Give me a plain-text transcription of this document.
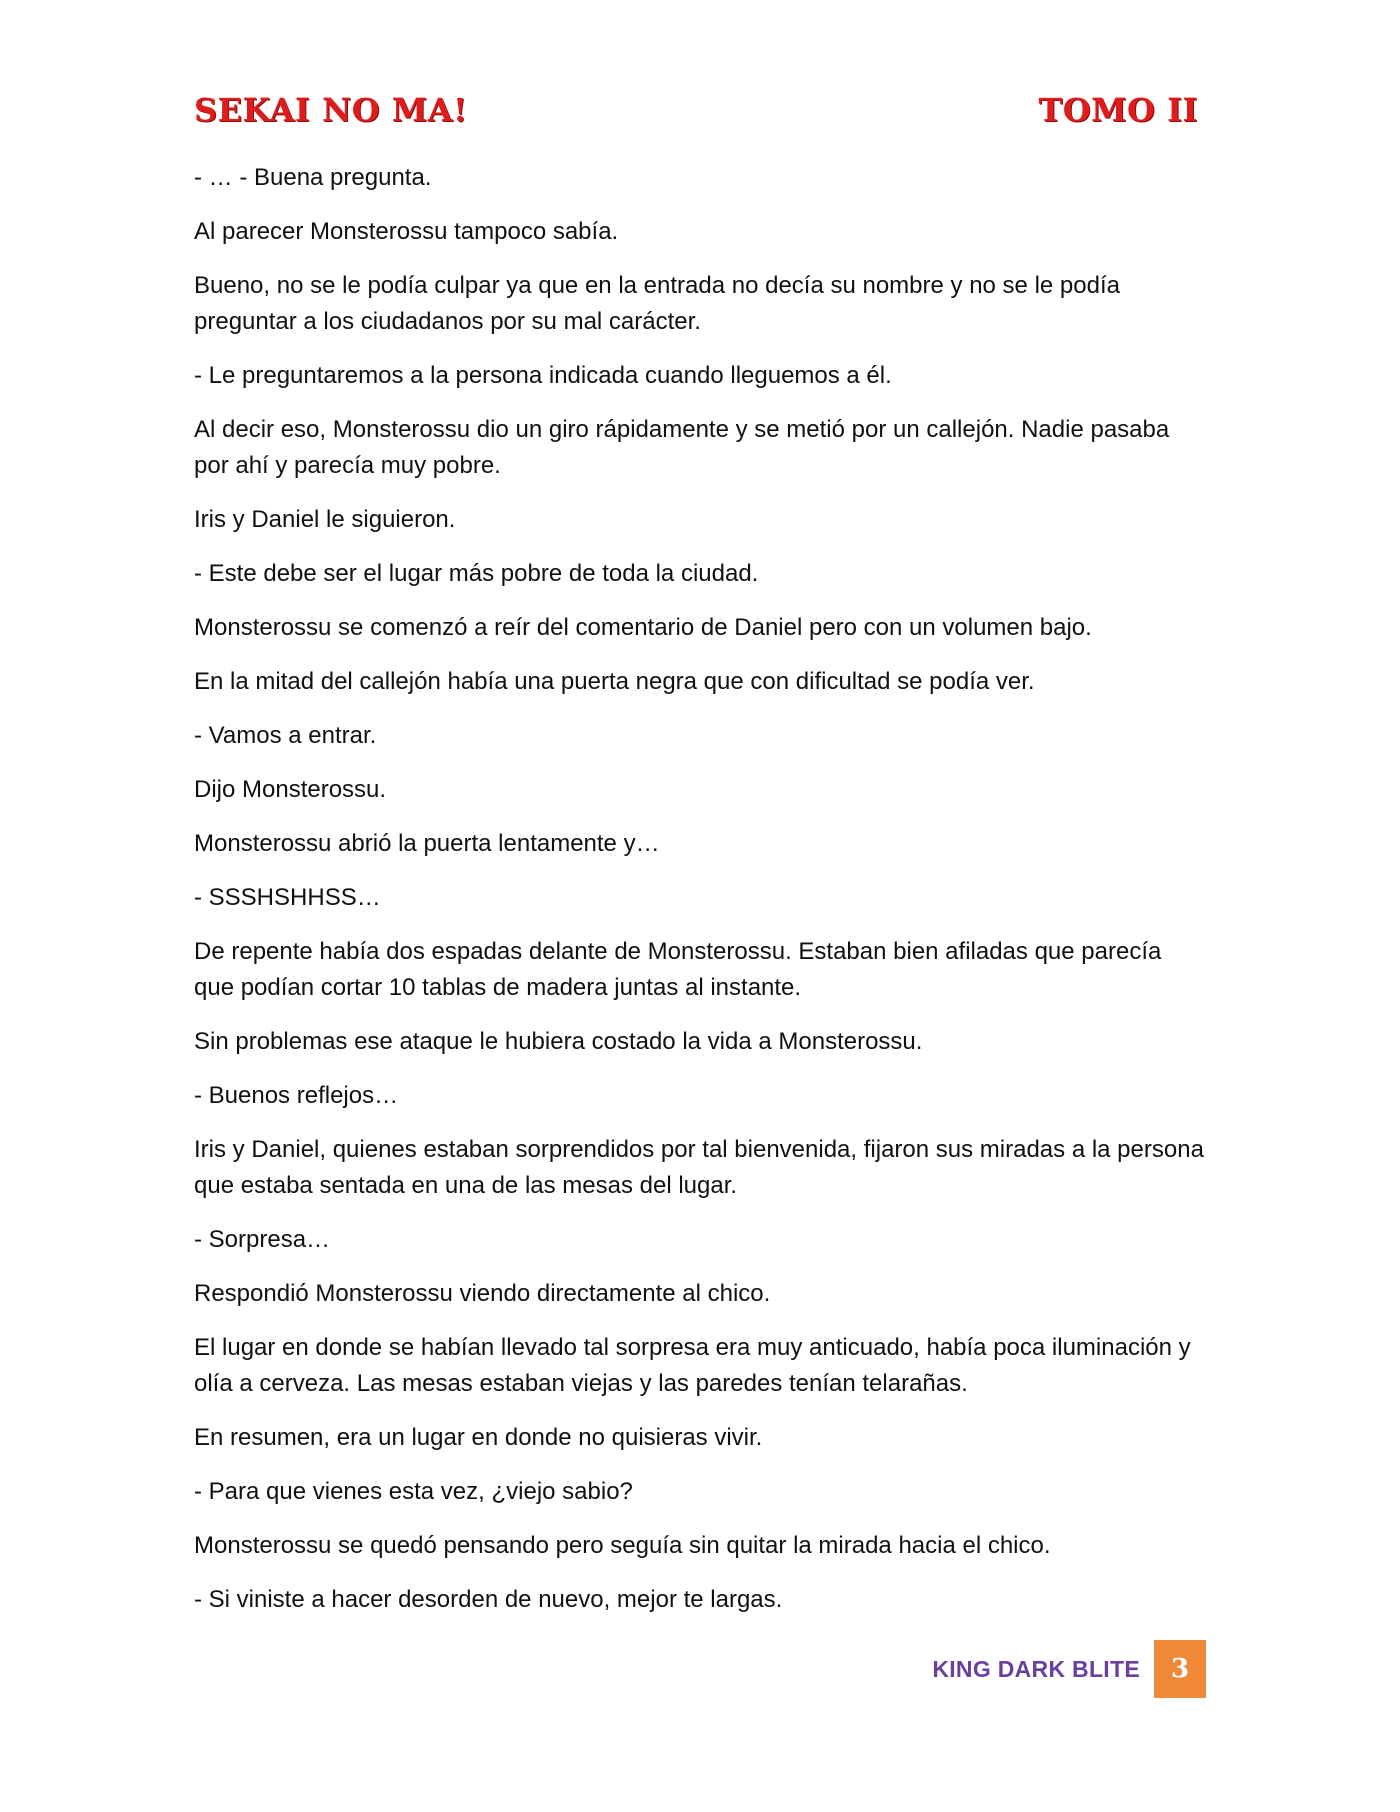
SEKAI NO MA!	TOMO II

- … - Buena pregunta.

Al parecer Monsterossu tampoco sabía.

Bueno, no se le podía culpar ya que en la entrada no decía su nombre y no se le podía preguntar a los ciudadanos por su mal carácter.

- Le preguntaremos a la persona indicada cuando lleguemos a él.

Al decir eso, Monsterossu dio un giro rápidamente y se metió por un callejón. Nadie pasaba por ahí y parecía muy pobre.

Iris y Daniel le siguieron.

- Este debe ser el lugar más pobre de toda la ciudad.

Monsterossu se comenzó a reír del comentario de Daniel pero con un volumen bajo.

En la mitad del callejón había una puerta negra que con dificultad se podía ver.

- Vamos a entrar.

Dijo Monsterossu.

Monsterossu abrió la puerta lentamente y…

- SSSHSHHSS…

De repente había dos espadas delante de Monsterossu. Estaban bien afiladas que parecía que podían cortar 10 tablas de madera juntas al instante.

Sin problemas ese ataque le hubiera costado la vida a Monsterossu.

- Buenos reflejos…

Iris y Daniel, quienes estaban sorprendidos por tal bienvenida, fijaron sus miradas a la persona que estaba sentada en una de las mesas del lugar.

- Sorpresa…

Respondió Monsterossu viendo directamente al chico.

El lugar en donde se habían llevado tal sorpresa era muy anticuado, había poca iluminación y olía a cerveza. Las mesas estaban viejas y las paredes tenían telarañas.

En resumen, era un lugar en donde no quisieras vivir.

- Para que vienes esta vez, ¿viejo sabio?

Monsterossu se quedó pensando pero seguía sin quitar la mirada hacia el chico.

- Si viniste a hacer desorden de nuevo, mejor te largas.

KING DARK BLITE 3
